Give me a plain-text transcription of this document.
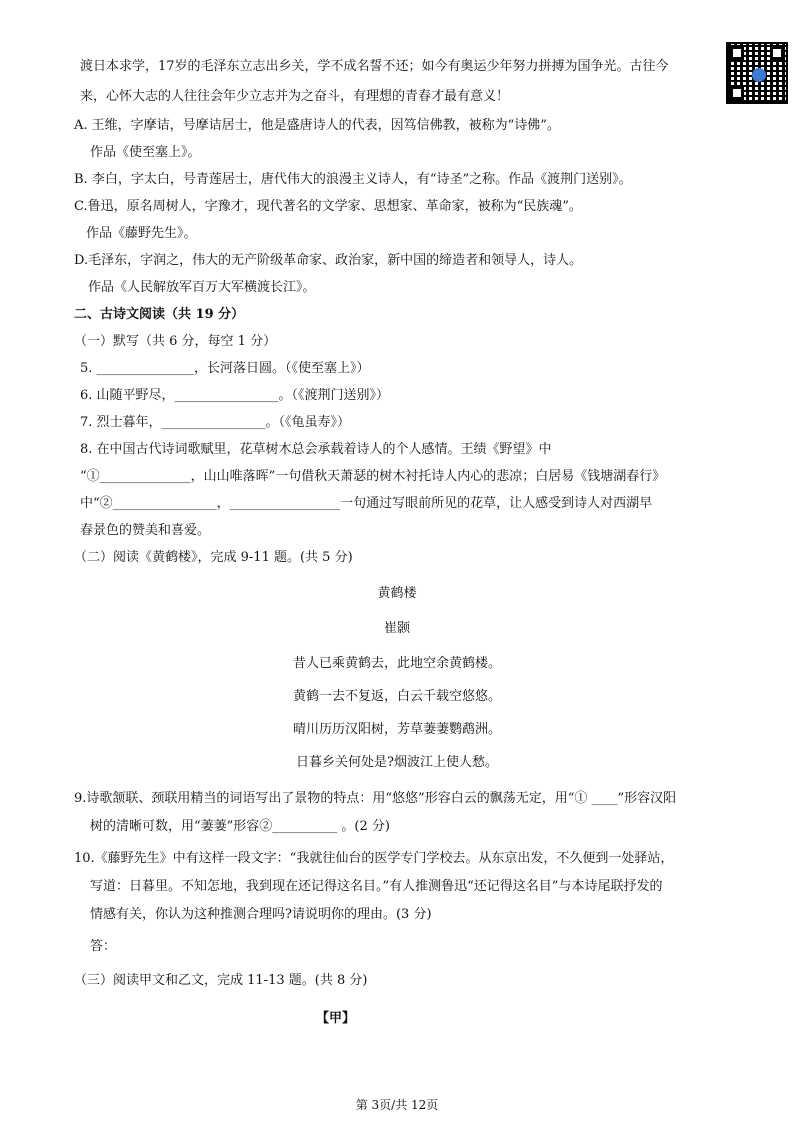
渡日本求学，17岁的毛泽东立志出乡关，学不成名誓不还；如今有奥运少年努力拼搏为国争光。古往今
来，心怀大志的人往往会年少立志并为之奋斗，有理想的青春才最有意义！
A. 王维，字摩诘，号摩诘居士，他是盛唐诗人的代表，因笃信佛教，被称为“诗佛”。
作品《使至塞上》。
B. 李白，字太白，号青莲居士，唐代伟大的浪漫主义诗人，有“诗圣”之称。作品《渡荆门送别》。
C.鲁迅，原名周树人，字豫才，现代著名的文学家、思想家、革命家，被称为“民族魂”。
作品《藤野先生》。
D.毛泽东，字润之，伟大的无产阶级革命家、政治家，新中国的缔造者和领导人，诗人。
作品《人民解放军百万大军横渡长江》。
二、古诗文阅读（共 19 分）
（一）默写（共 6 分，每空 1 分）
5. _______________，长河落日圆。（《使至塞上》）
6. 山随平野尽，________________。（《渡荆门送别》）
7. 烈士暮年，________________。（《龟虽寿》）
8. 在中国古代诗词歌赋里，花草树木总会承载着诗人的个人感情。王绩《野望》中
“①______________，山山唯落晖”一句借秋天萧瑟的树木衬托诗人内心的悲凉；白居易《钱塘湖春行》
中“②________________，_________________一句通过写眼前所见的花草，让人感受到诗人对西湖早
春景色的赞美和喜爱。
（二）阅读《黄鹤楼》，完成 9-11 题。(共 5 分)
黄鹤楼
崔颢
昔人已乘黄鹤去，此地空余黄鹤楼。
黄鹤一去不复返，白云千载空悠悠。
晴川历历汉阳树，芳草萋萋鹦鹉洲。
日暮乡关何处是?烟波江上使人愁。
9.诗歌颔联、颈联用精当的词语写出了景物的特点：用“悠悠”形容白云的飘荡无定，用“① ____”形容汉阳
树的清晰可数，用“萋萋”形容②__________ 。(2 分)
10.《藤野先生》中有这样一段文字：“我就往仙台的医学专门学校去。从东京出发，不久便到一处驿站，
写道：日暮里。不知怎地，我到现在还记得这名目。”有人推测鲁迅“还记得这名目”与本诗尾联抒发的
情感有关，你认为这种推测合理吗?请说明你的理由。(3 分)
答：
（三）阅读甲文和乙文，完成 11-13 题。(共 8 分)
【甲】
第 3页/共 12页
